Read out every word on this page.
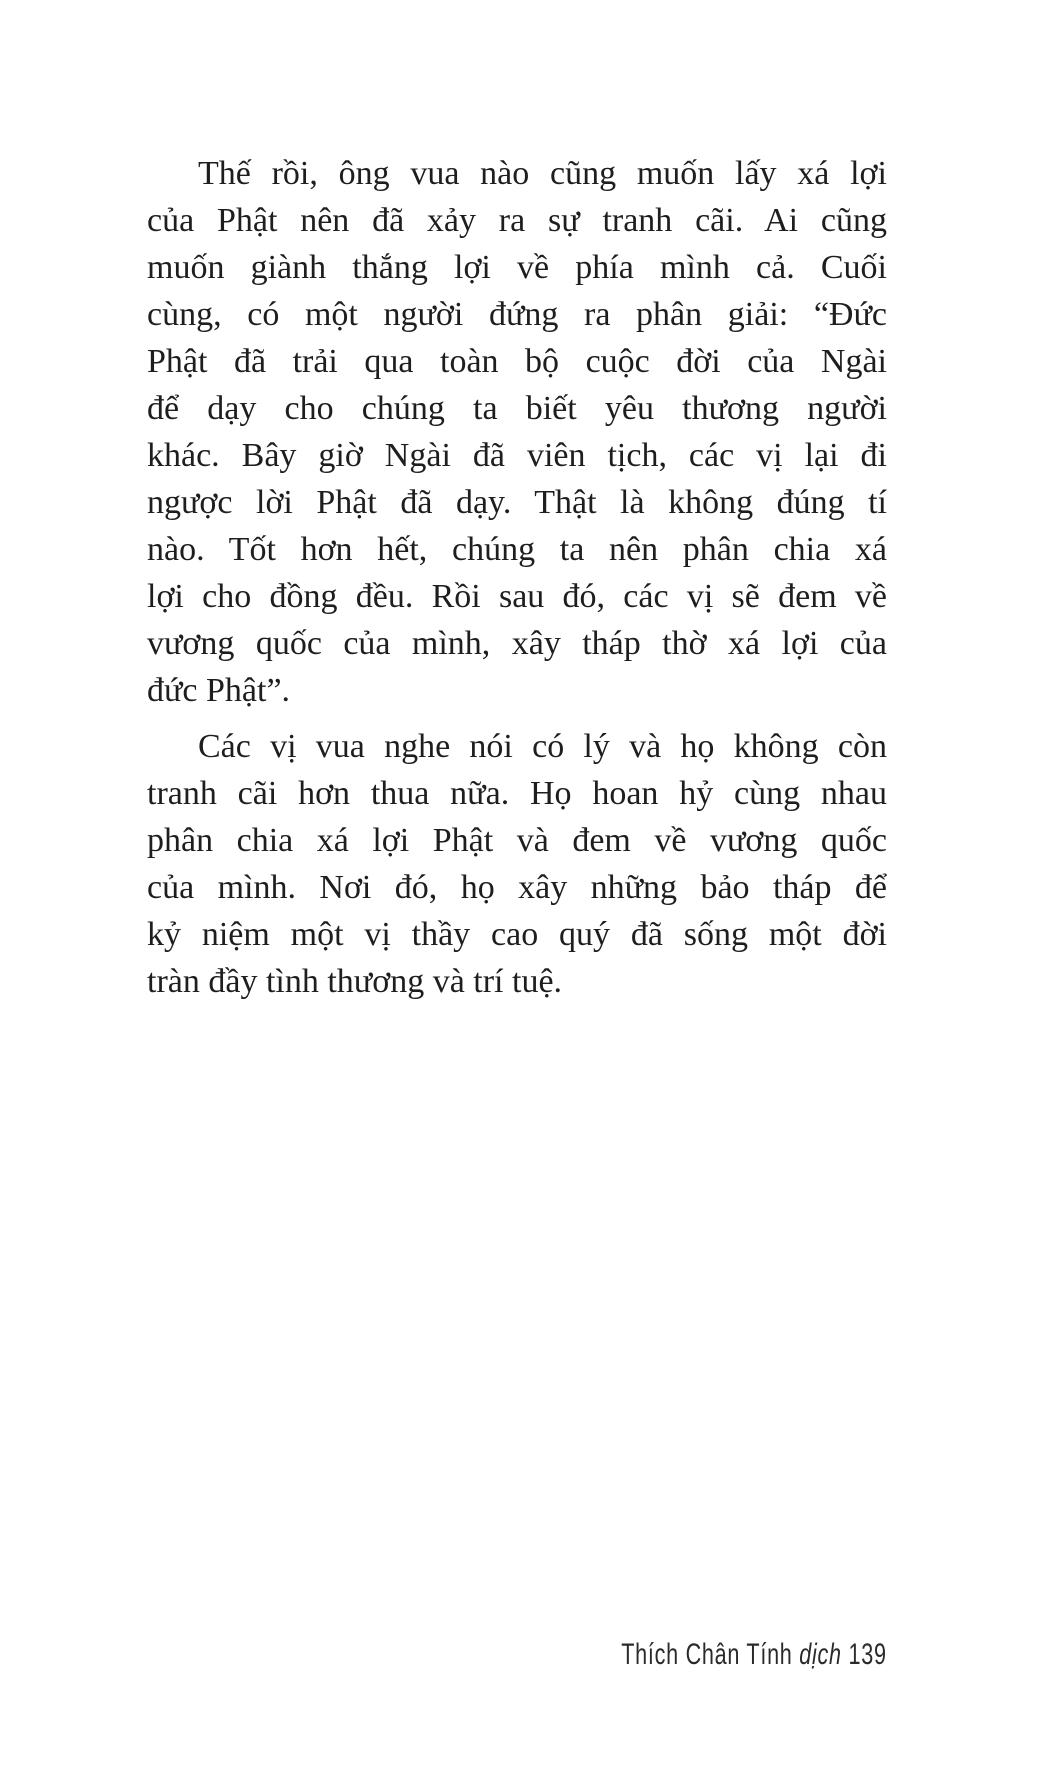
Thế rồi, ông vua nào cũng muốn lấy xá lợi
của Phật nên đã xảy ra sự tranh cãi. Ai cũng
muốn giành thắng lợi về phía mình cả. Cuối
cùng, có một người đứng ra phân giải: “Đức
Phật đã trải qua toàn bộ cuộc đời của Ngài
để dạy cho chúng ta biết yêu thương người
khác. Bây giờ Ngài đã viên tịch, các vị lại đi
ngược lời Phật đã dạy. Thật là không đúng tí
nào. Tốt hơn hết, chúng ta nên phân chia xá
lợi cho đồng đều. Rồi sau đó, các vị sẽ đem về
vương quốc của mình, xây tháp thờ xá lợi của
đức Phật”.
Các vị vua nghe nói có lý và họ không còn
tranh cãi hơn thua nữa. Họ hoan hỷ cùng nhau
phân chia xá lợi Phật và đem về vương quốc
của mình. Nơi đó, họ xây những bảo tháp để
kỷ niệm một vị thầy cao quý đã sống một đời
tràn đầy tình thương và trí tuệ.
Thích Chân Tính dịch 139
